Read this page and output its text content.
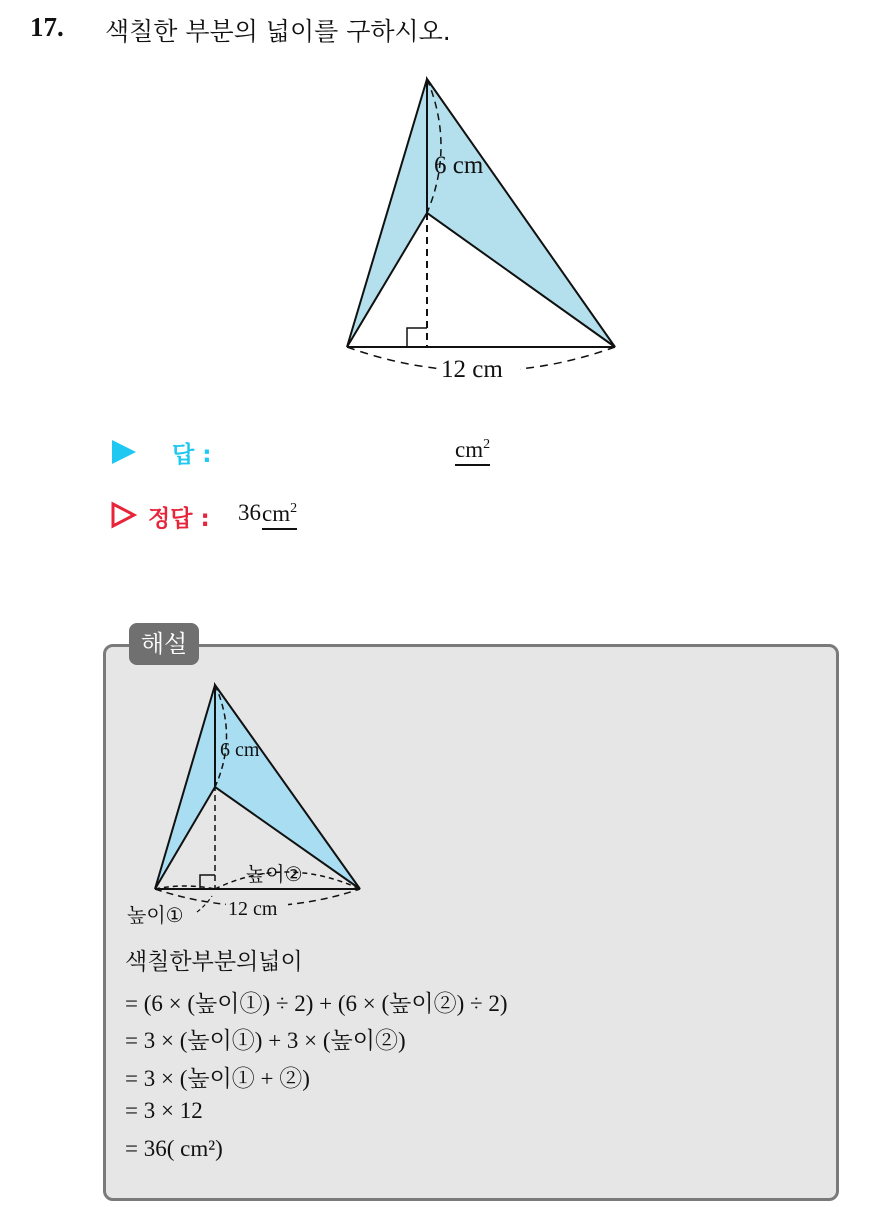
17. 색칠한 부분의 넓이를 구하시오.
6 cm
12 cm
답 :	$cm^2$
정답 : 36 $cm^2$
해설
6 cm
12 cm
높이②
높이①
색칠한부분의넓이
= (6 × (높이①) ÷ 2) + (6 × (높이②) ÷ 2)
= 3 × (높이①) + 3 × (높이②)
= 3 × (높이① + ②)
= 3 × 12
= 36( cm²)
